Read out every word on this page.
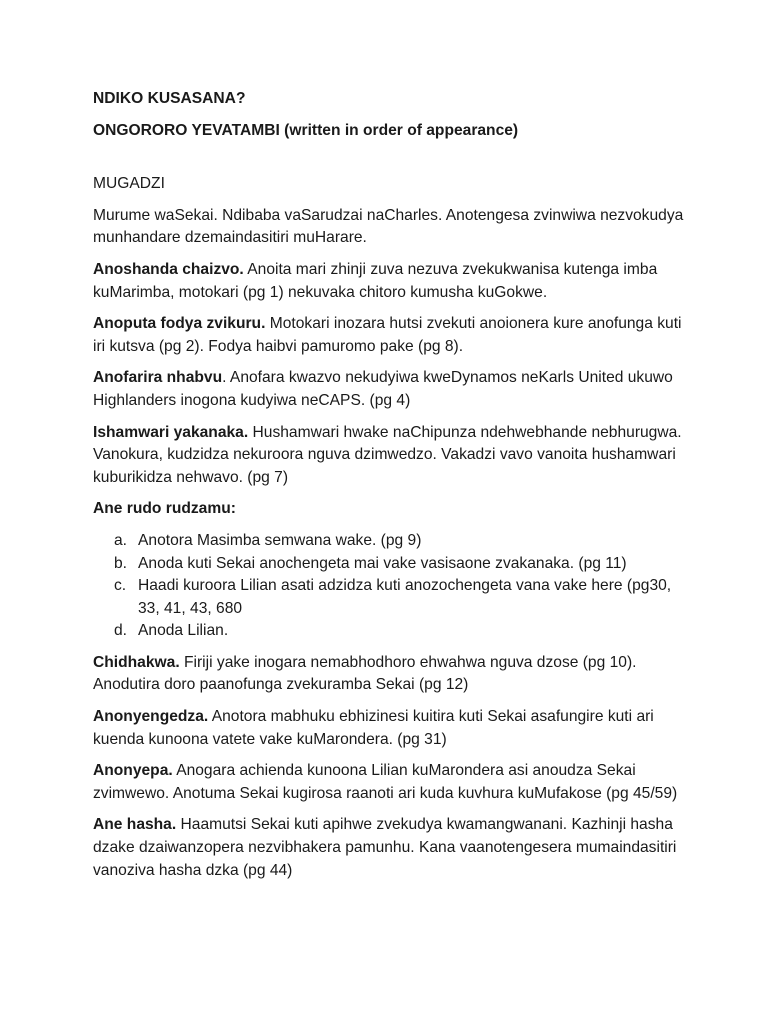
NDIKO KUSASANA?

ONGORORO YEVATAMBI (written in order of appearance)

MUGADZI

Murume waSekai. Ndibaba vaSarudzai naCharles. Anotengesa zvinwiwa nezvokudya munhandare dzemaindasitiri muHarare.

Anoshanda chaizvo. Anoita mari zhinji zuva nezuva zvekukwanisa kutenga imba kuMarimba, motokari (pg 1) nekuvaka chitoro kumusha kuGokwe.

Anoputa fodya zvikuru. Motokari inozara hutsi zvekuti anoionera kure anofunga kuti iri kutsva (pg 2). Fodya haibvi pamuromo pake (pg 8).

Anofarira nhabvu. Anofara kwazvo nekudyiwa kweDynamos neKarls United ukuwo Highlanders inogona kudyiwa neCAPS. (pg 4)

Ishamwari yakanaka. Hushamwari hwake naChipunza ndehwebhande nebhurugwa. Vanokura, kudzidza nekuroora nguva dzimwedzo. Vakadzi vavo vanoita hushamwari kuburikidza nehwavo. (pg 7)

Ane rudo rudzamu:

a. Anotora Masimba semwana wake. (pg 9)
b. Anoda kuti Sekai anochengeta mai vake vasisaone zvakanaka. (pg 11)
c. Haadi kuroora Lilian asati adzidza kuti anozochengeta vana vake here (pg30, 33, 41, 43, 680
d. Anoda Lilian.

Chidhakwa. Firiji yake inogara nemabhodhoro ehwahwa nguva dzose (pg 10). Anodutira doro paanofunga zvekuramba Sekai (pg 12)

Anonyengedza. Anotora mabhuku ebhizinesi kuitira kuti Sekai asafungire kuti ari kuenda kunoona vatete vake kuMarondera. (pg 31)

Anonyepa. Anogara achienda kunoona Lilian kuMarondera asi anoudza Sekai zvimwewo. Anotuma Sekai kugirosa raanoti ari kuda kuvhura kuMufakose (pg 45/59)

Ane hasha. Haamutsi Sekai kuti apihwe zvekudya kwamangwanani. Kazhinji hasha dzake dzaiwanzopera nezvibhakera pamunhu. Kana vaanotengesera mumaindasitiri vanoziva hasha dzka (pg 44)
